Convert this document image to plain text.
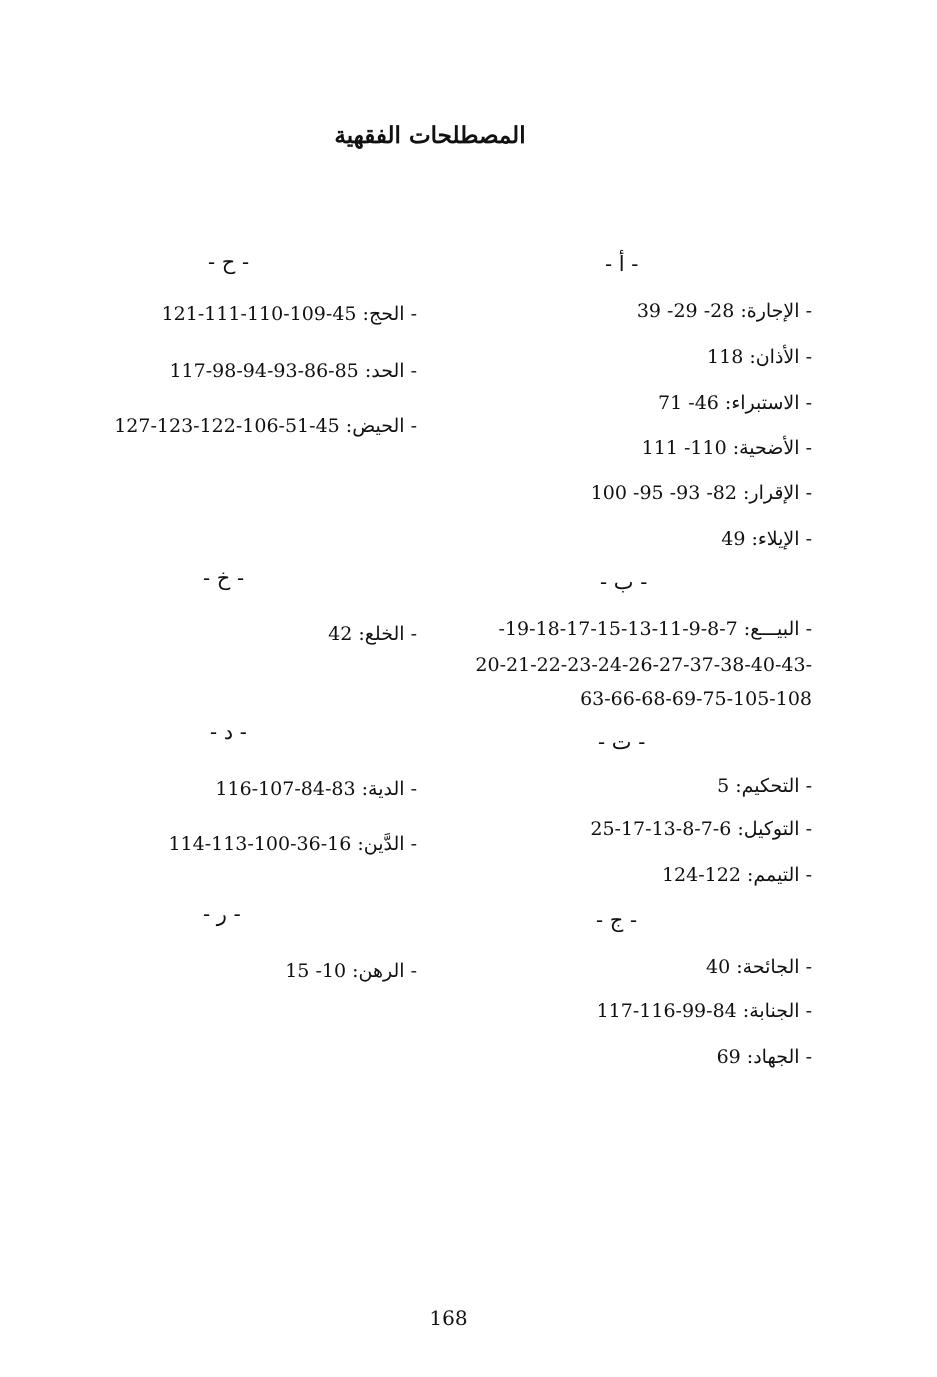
المصطلحات الفقهية
- أ -
- الإجارة: 28- 29- 39
- الأذان: 118
- الاستبراء: 46- 71
- الأضحية: 110- 111
- الإقرار: 82- 93- 95- 100
- الإيلاء: 49
- ب -
- البيـــع: 7-8-9-11-13-15-17-18-19-
20-21-22-23-24-26-27-37-38-40-43-
63-66-68-69-75-105-108
- ت -
- التحكيم: 5
- التوكيل: 6-7-8-13-17-25
- التيمم: 122-124
- ج -
- الجائحة: 40
- الجنابة: 84-99-116-117
- الجهاد: 69
- ح -
- الحج: 45-109-110-111-121
- الحد: 85-86-93-94-98-117
- الحيض: 45-51-106-122-123-127
- خ -
- الخلع: 42
- د -
- الدية: 83-84-107-116
- الدَّين: 16-36-100-113-114
- ر -
- الرهن: 10- 15
168
